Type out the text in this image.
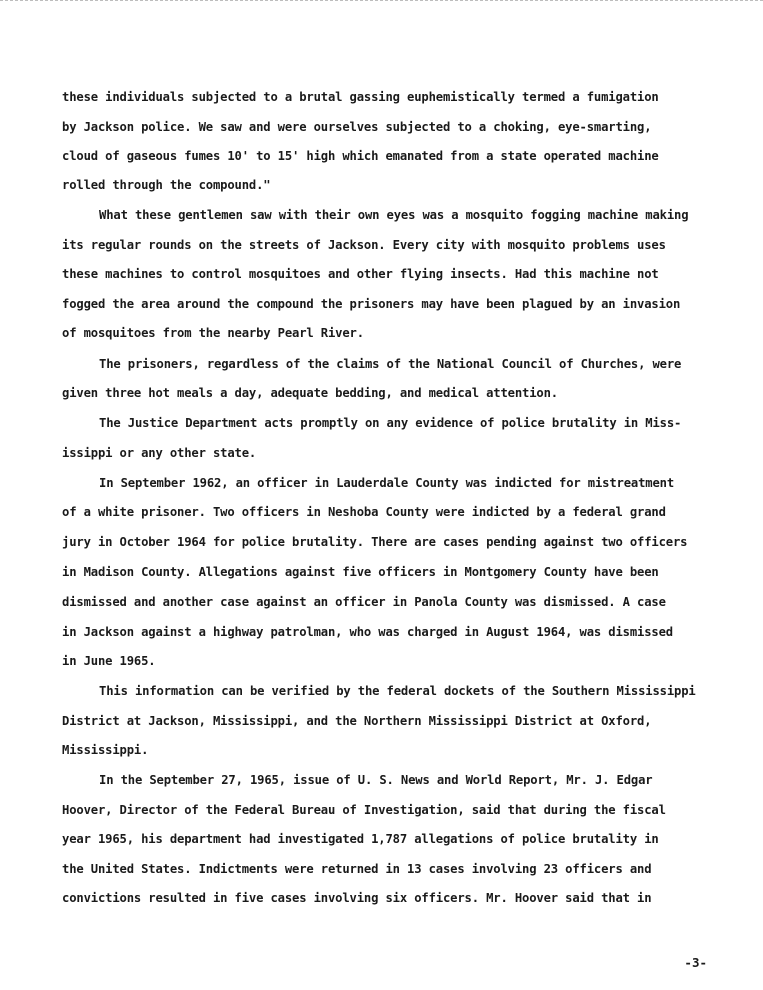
these individuals subjected to a brutal gassing euphemistically termed a fumigation

by Jackson police. We saw and were ourselves subjected to a choking, eye-smarting,

cloud of gaseous fumes 10' to 15' high which emanated from a state operated machine

rolled through the compound."

What these gentlemen saw with their own eyes was a mosquito fogging machine making

its regular rounds on the streets of Jackson. Every city with mosquito problems uses

these machines to control mosquitoes and other flying insects. Had this machine not

fogged the area around the compound the prisoners may have been plagued by an invasion

of mosquitoes from the nearby Pearl River.

The prisoners, regardless of the claims of the National Council of Churches, were

given three hot meals a day, adequate bedding, and medical attention.

The Justice Department acts promptly on any evidence of police brutality in Miss-

issippi or any other state.

In September 1962, an officer in Lauderdale County was indicted for mistreatment

of a white prisoner. Two officers in Neshoba County were indicted by a federal grand

jury in October 1964 for police brutality. There are cases pending against two officers

in Madison County. Allegations against five officers in Montgomery County have been

dismissed and another case against an officer in Panola County was dismissed. A case

in Jackson against a highway patrolman, who was charged in August 1964, was dismissed

in June 1965.

This information can be verified by the federal dockets of the Southern Mississippi

District at Jackson, Mississippi, and the Northern Mississippi District at Oxford,

Mississippi.

In the September 27, 1965, issue of U. S. News and World Report, Mr. J. Edgar

Hoover, Director of the Federal Bureau of Investigation, said that during the fiscal

year 1965, his department had investigated 1,787 allegations of police brutality in

the United States. Indictments were returned in 13 cases involving 23 officers and

convictions resulted in five cases involving six officers. Mr. Hoover said that in

-3-
